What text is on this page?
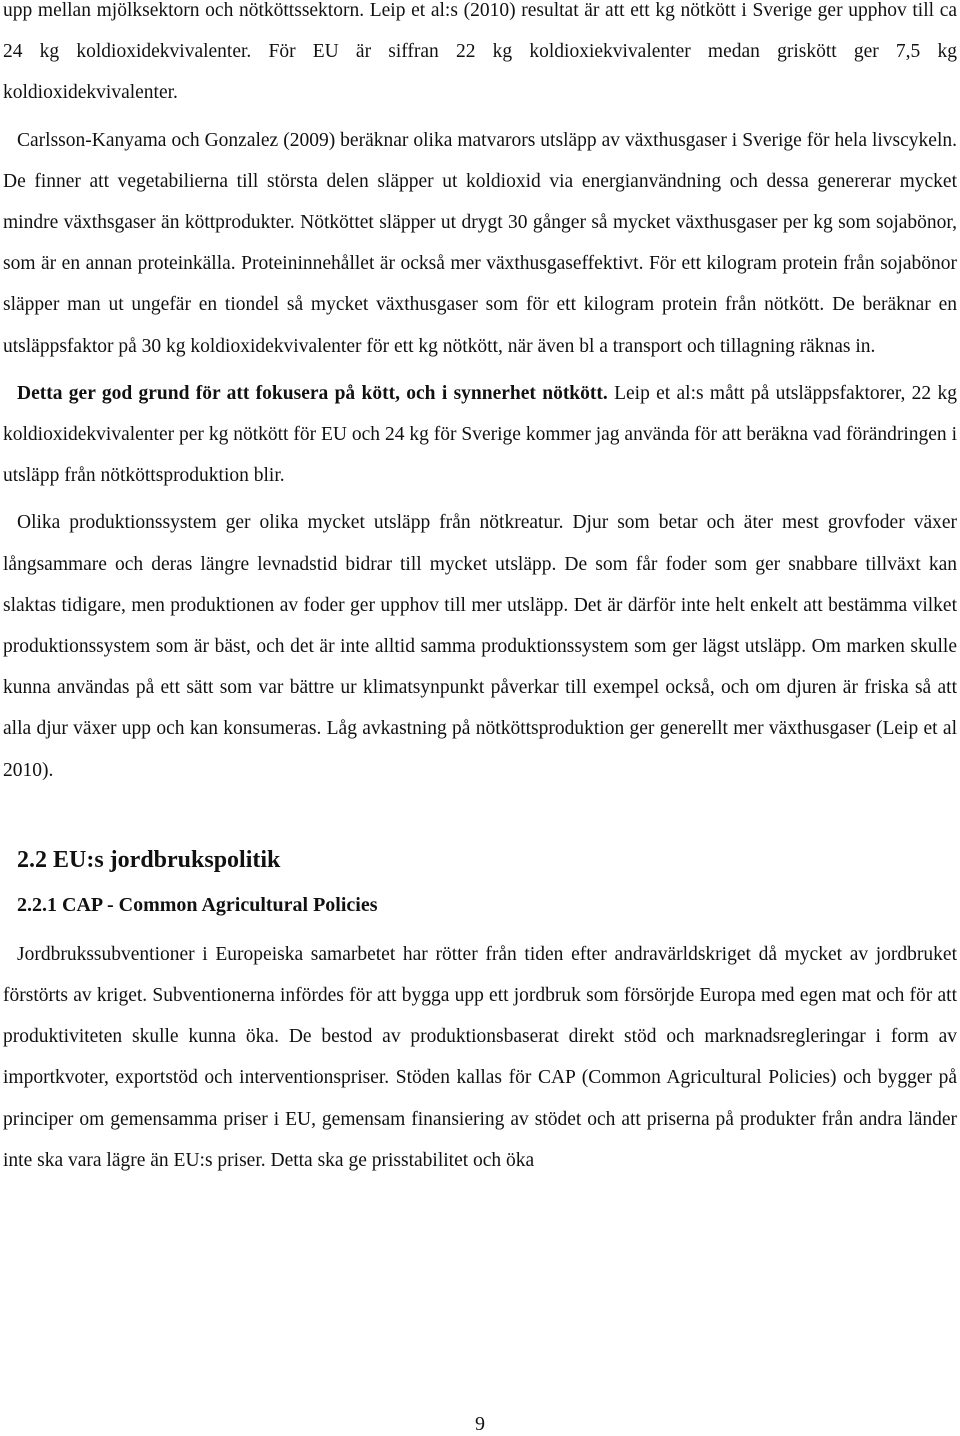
upp mellan mjölksektorn och nötköttssektorn. Leip et al:s (2010) resultat är att ett kg nötkött i Sverige ger upphov till ca 24 kg koldioxidekvivalenter. För EU är siffran 22 kg koldioxiekvivalenter medan griskött ger 7,5 kg koldioxidekvivalenter.

Carlsson-Kanyama och Gonzalez (2009) beräknar olika matvarors utsläpp av växthusgaser i Sverige för hela livscykeln. De finner att vegetabilierna till största delen släpper ut koldioxid via energianvändning och dessa genererar mycket mindre växthsgaser än köttprodukter. Nötköttet släpper ut drygt 30 gånger så mycket växthusgaser per kg som sojabönor, som är en annan proteinkälla. Proteininnehållet är också mer växthusgaseffektivt. För ett kilogram protein från sojabönor släpper man ut ungefär en tiondel så mycket växthusgaser som för ett kilogram protein från nötkött. De beräknar en utsläppsfaktor på 30 kg koldioxidekvivalenter för ett kg nötkött, när även bl a transport och tillagning räknas in.

Detta ger god grund för att fokusera på kött, och i synnerhet nötkött. Leip et al:s mått på utsläppsfaktorer, 22 kg koldioxidekvivalenter per kg nötkött för EU och 24 kg för Sverige kommer jag använda för att beräkna vad förändringen i utsläpp från nötköttsproduktion blir.

Olika produktionssystem ger olika mycket utsläpp från nötkreatur. Djur som betar och äter mest grovfoder växer långsammare och deras längre levnadstid bidrar till mycket utsläpp. De som får foder som ger snabbare tillväxt kan slaktas tidigare, men produktionen av foder ger upphov till mer utsläpp. Det är därför inte helt enkelt att bestämma vilket produktionssystem som är bäst, och det är inte alltid samma produktionssystem som ger lägst utsläpp. Om marken skulle kunna användas på ett sätt som var bättre ur klimatsynpunkt påverkar till exempel också, och om djuren är friska så att alla djur växer upp och kan konsumeras. Låg avkastning på nötköttsproduktion ger generellt mer växthusgaser (Leip et al 2010).

2.2 EU:s jordbrukspolitik
2.2.1 CAP - Common Agricultural Policies

Jordbrukssubventioner i Europeiska samarbetet har rötter från tiden efter andravärldskriget då mycket av jordbruket förstörts av kriget. Subventionerna infördes för att bygga upp ett jordbruk som försörjde Europa med egen mat och för att produktiviteten skulle kunna öka. De bestod av produktionsbaserat direkt stöd och marknadsregleringar i form av importkvoter, exportstöd och interventionspriser. Stöden kallas för CAP (Common Agricultural Policies) och bygger på principer om gemensamma priser i EU, gemensam finansiering av stödet och att priserna på produkter från andra länder inte ska vara lägre än EU:s priser. Detta ska ge prisstabilitet och öka

9
